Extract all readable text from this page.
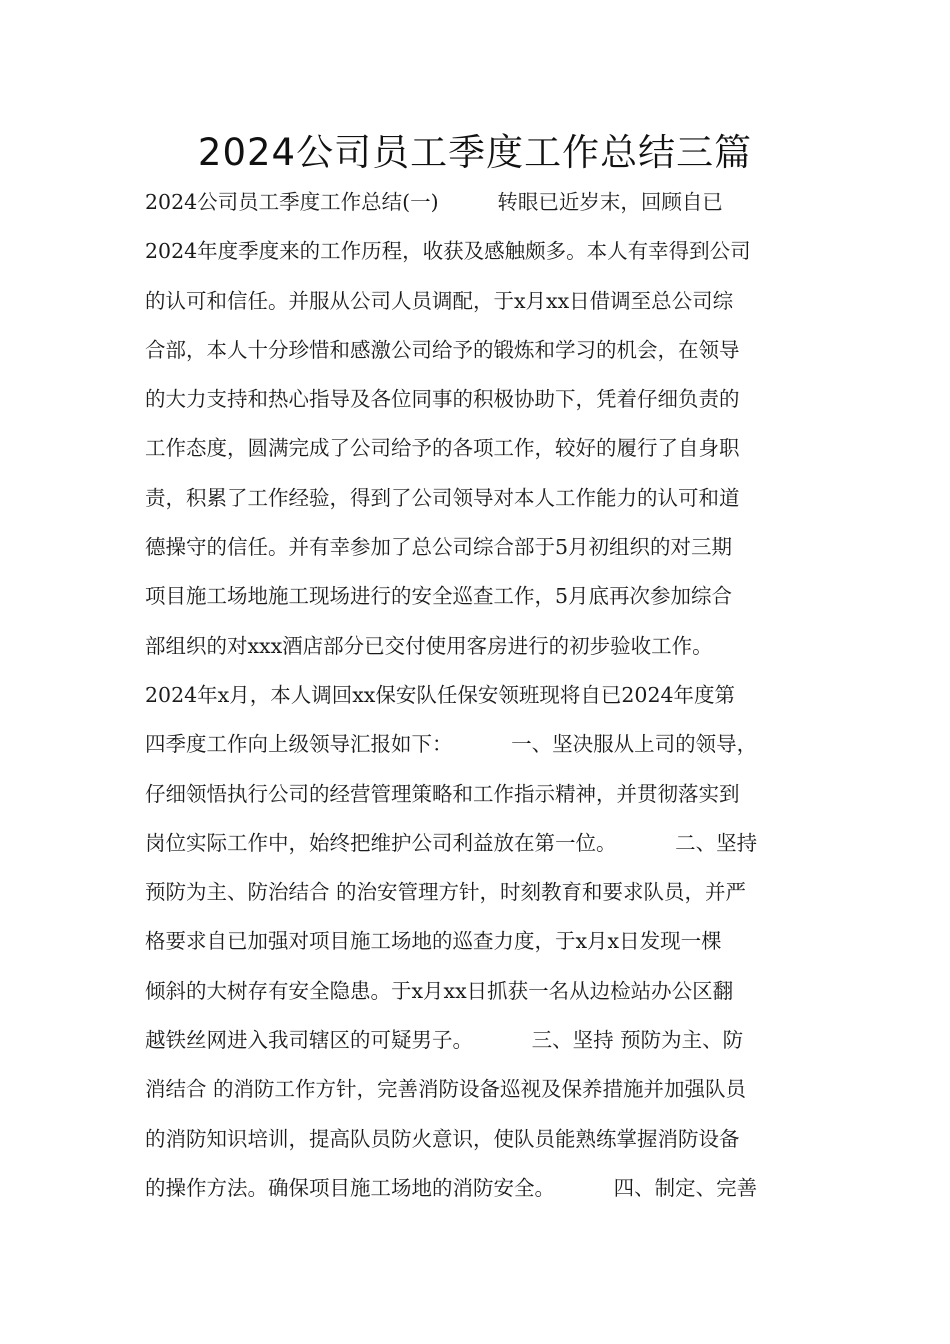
2024公司员工季度工作总结三篇
2024公司员工季度工作总结(一)         转眼已近岁末，回顾自已
2024年度季度来的工作历程，收获及感触颇多。本人有幸得到公司
的认可和信任。并服从公司人员调配，于x月xx日借调至总公司综
合部，本人十分珍惜和感激公司给予的锻炼和学习的机会，在领导
的大力支持和热心指导及各位同事的积极协助下，凭着仔细负责的
工作态度，圆满完成了公司给予的各项工作，较好的履行了自身职
责，积累了工作经验，得到了公司领导对本人工作能力的认可和道
德操守的信任。并有幸参加了总公司综合部于5月初组织的对三期
项目施工场地施工现场进行的安全巡查工作，5月底再次参加综合
部组织的对xxx酒店部分已交付使用客房进行的初步验收工作。
2024年x月，本人调回xx保安队任保安领班现将自已2024年度第
四季度工作向上级领导汇报如下：         一、坚决服从上司的领导，
仔细领悟执行公司的经营管理策略和工作指示精神，并贯彻落实到
岗位实际工作中，始终把维护公司利益放在第一位。         二、坚持
预防为主、防治结合 的治安管理方针，时刻教育和要求队员，并严
格要求自已加强对项目施工场地的巡查力度，于x月x日发现一棵
倾斜的大树存有安全隐患。于x月xx日抓获一名从边检站办公区翻
越铁丝网进入我司辖区的可疑男子。         三、坚持 预防为主、防
消结合 的消防工作方针，完善消防设备巡视及保养措施并加强队员
的消防知识培训，提高队员防火意识，使队员能熟练掌握消防设备
的操作方法。确保项目施工场地的消防安全。         四、制定、完善
